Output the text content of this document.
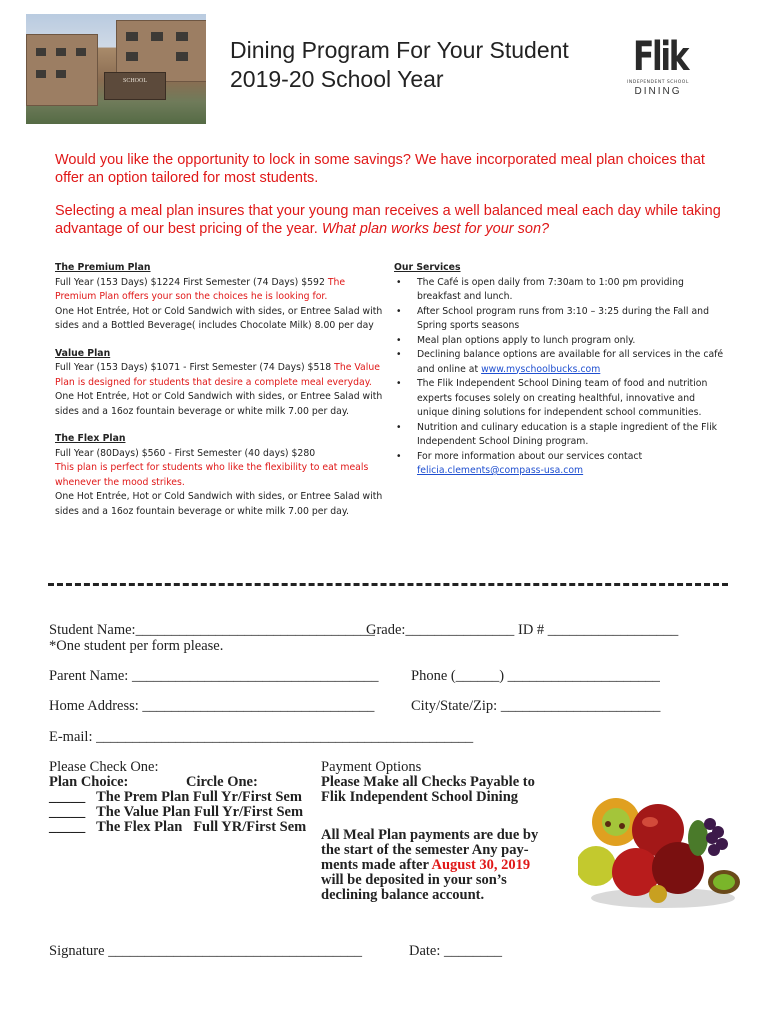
SCHOOL
Dining Program For Your Student
2019-20 School Year	Flik
INDEPENDENT SCHOOL
DINING
Would you like the opportunity to lock in some savings? We have incorporated meal plan choices that offer an option tailored for most students.
Selecting a meal plan insures that your young man receives a well balanced meal each day while taking advantage of our best pricing of the year. What plan works best for your son?

The Premium Plan

Full Year (153 Days) $1224 First Semester (74 Days) $592 The Premium Plan offers your son the choices he is looking for.

One Hot Entrée, Hot or Cold Sandwich with sides, or Entree Salad with sides and a Bottled Beverage( includes Chocolate Milk) 8.00 per day

Value Plan

Full Year (153 Days) $1071 - First Semester (74 Days) $518 The Value Plan is designed for students that desire a complete meal everyday.

One Hot Entrée, Hot or Cold Sandwich with sides, or Entree Salad with sides and a 16oz fountain beverage or white milk 7.00 per day.

The Flex Plan

Full Year (80Days) $560 - First Semester (40 days) $280

This plan is perfect for students who like the flexibility to eat meals whenever the mood strikes.

One Hot Entrée, Hot or Cold Sandwich with sides, or Entree Salad with sides and a 16oz fountain beverage or white milk 7.00 per day.

Our Services

• The Café is open daily from 7:30am to 1:00 pm providing breakfast and lunch.
• After School program runs from 3:10 – 3:25 during the Fall and Spring sports seasons
• Meal plan options apply to lunch program only.
• Declining balance options are available for all services in the café and online at www.myschoolbucks.com
• The Flik Independent School Dining team of food and nutrition experts focuses solely on creating healthful, innovative and unique dining solutions for independent school communities.
• Nutrition and culinary education is a staple ingredient of the Flik Independent School Dining program.
• For more information about our services contact
felicia.clements@compass-usa.com
Student Name:_________________________________
Grade:_______________ ID # __________________
*One student per form please.
Parent Name: __________________________________ Phone (______) _____________________
Home Address: ________________________________	City/State/Zip: ______________________
E-mail: ____________________________________________________
Please Check One:
Plan Choice:	Circle One:
_____ The Prem Plan Full Yr/First Sem
_____ The Value Plan Full Yr/First Sem
_____ The Flex Plan   Full YR/First Sem
Payment Options
Please Make all Checks Payable to
Flik Independent School Dining
All Meal Plan payments are due by
the start of the semester Any pay-
ments made after August 30, 2019
will be deposited in your son’s
declining balance account.
Signature ___________________________________	Date: ________
